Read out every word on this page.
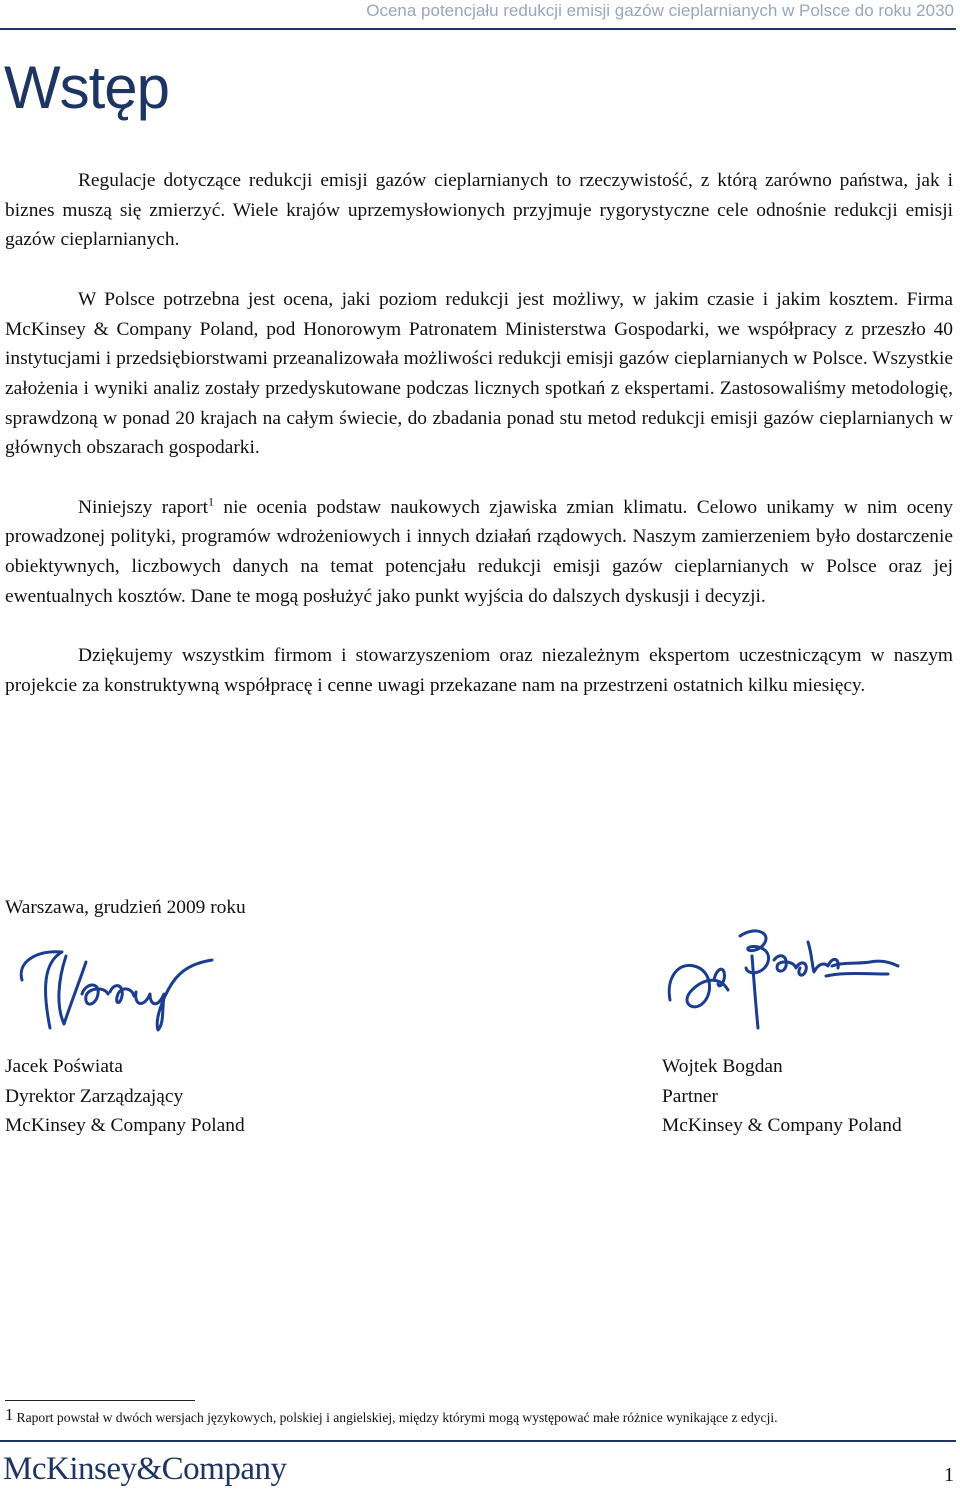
Ocena potencjału redukcji emisji gazów cieplarnianych w Polsce do roku 2030
Wstęp

Regulacje dotyczące redukcji emisji gazów cieplarnianych to rzeczywistość, z którą zarówno państwa, jak i biznes muszą się zmierzyć. Wiele krajów uprzemysłowionych przyjmuje rygorystyczne cele odnośnie redukcji emisji gazów cieplarnianych.

W Polsce potrzebna jest ocena, jaki poziom redukcji jest możliwy, w jakim czasie i jakim kosztem. Firma McKinsey & Company Poland, pod Honorowym Patronatem Ministerstwa Gospodarki, we współpracy z przeszło 40 instytucjami i przedsiębiorstwami przeanalizowała możliwości redukcji emisji gazów cieplarnianych w Polsce. Wszystkie założenia i wyniki analiz zostały przedyskutowane podczas licznych spotkań z ekspertami. Zastosowaliśmy metodologię, sprawdzoną w ponad 20 krajach na całym świecie, do zbadania ponad stu metod redukcji emisji gazów cieplarnianych w głównych obszarach gospodarki.

Niniejszy raport$^1$ nie ocenia podstaw naukowych zjawiska zmian klimatu. Celowo unikamy w nim oceny prowadzonej polityki, programów wdrożeniowych i innych działań rządowych. Naszym zamierzeniem było dostarczenie obiektywnych, liczbowych danych na temat potencjału redukcji emisji gazów cieplarnianych w Polsce oraz jej ewentualnych kosztów. Dane te mogą posłużyć jako punkt wyjścia do dalszych dyskusji i decyzji.

Dziękujemy wszystkim firmom i stowarzyszeniom oraz niezależnym ekspertom uczestniczącym w naszym projekcie za konstruktywną współpracę i cenne uwagi przekazane nam na przestrzeni ostatnich kilku miesięcy.

Warszawa, grudzień 2009 roku
Jacek Poświata
Dyrektor Zarządzający
McKinsey & Company Poland
Wojtek Bogdan
Partner
McKinsey & Company Poland
1 Raport powstał w dwóch wersjach językowych, polskiej i angielskiej, między którymi mogą występować małe różnice wynikające z edycji.
McKinsey&Company	1
